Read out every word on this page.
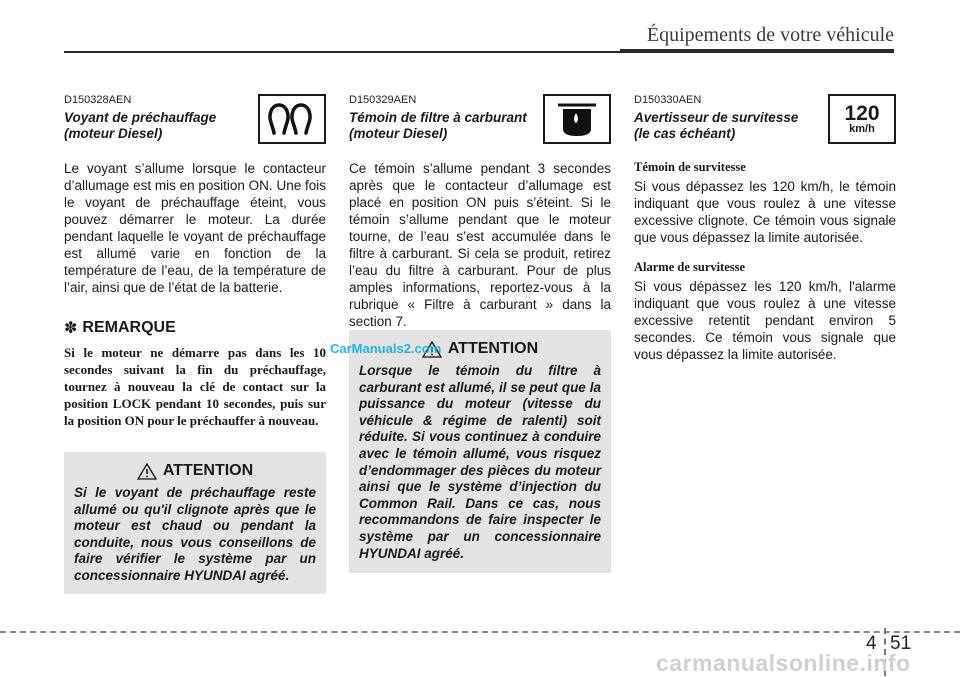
Équipements de votre véhicule
D150328AEN
Voyant de préchauffage (moteur Diesel)

Le voyant s’allume lorsque le contacteur d’allumage est mis en position ON. Une fois le voyant de préchauffage éteint, vous pouvez démarrer le moteur. La durée pendant laquelle le voyant de préchauffage est allumé varie en fonction de la température de l’eau, de la température de l’air, ainsi que de l’état de la batterie.

✽ REMARQUE
Si le moteur ne démarre pas dans les 10 secondes suivant la fin du préchauffage, tournez à nouveau la clé de contact sur la position LOCK pendant 10 secondes, puis sur la position ON pour le préchauffer à nouveau.
ATTENTION

Si le voyant de préchauffage reste allumé ou qu'il clignote après que le moteur est chaud ou pendant la conduite, nous vous conseillons de faire vérifier le système par un concessionnaire HYUNDAI agréé.

D150329AEN
Témoin de filtre à carburant (moteur Diesel)

Ce témoin s’allume pendant 3 secondes après que le contacteur d’allumage est placé en position ON puis s’éteint. Si le témoin s’allume pendant que le moteur tourne, de l’eau s’est accumulée dans le filtre à carburant. Si cela se produit, retirez l’eau du filtre à carburant. Pour de plus amples informations, reportez-vous à la rubrique « Filtre à carburant » dans la section 7.

ATTENTION

Lorsque le témoin du filtre à carburant est allumé, il se peut que la puissance du moteur (vitesse du véhicule & régime de ralenti) soit réduite. Si vous continuez à conduire avec le témoin allumé, vous risquez d’endommager des pièces du moteur ainsi que le système d’injection du Common Rail. Dans ce cas, nous recommandons de faire inspecter le système par un concessionnaire HYUNDAI agréé.

D150330AEN
Avertisseur de survitesse (le cas échéant)
120
km/h
Témoin de survitesse

Si vous dépassez les 120 km/h, le témoin indiquant que vous roulez à une vitesse excessive clignote. Ce témoin vous signale que vous dépassez la limite autorisée.

Alarme de survitesse

Si vous dépassez les 120 km/h, l'alarme indiquant que vous roulez à une vitesse excessive retentit pendant environ 5 secondes. Ce témoin vous signale que vous dépassez la limite autorisée.

CarManuals2.com
4 51
carmanualsonline.info
